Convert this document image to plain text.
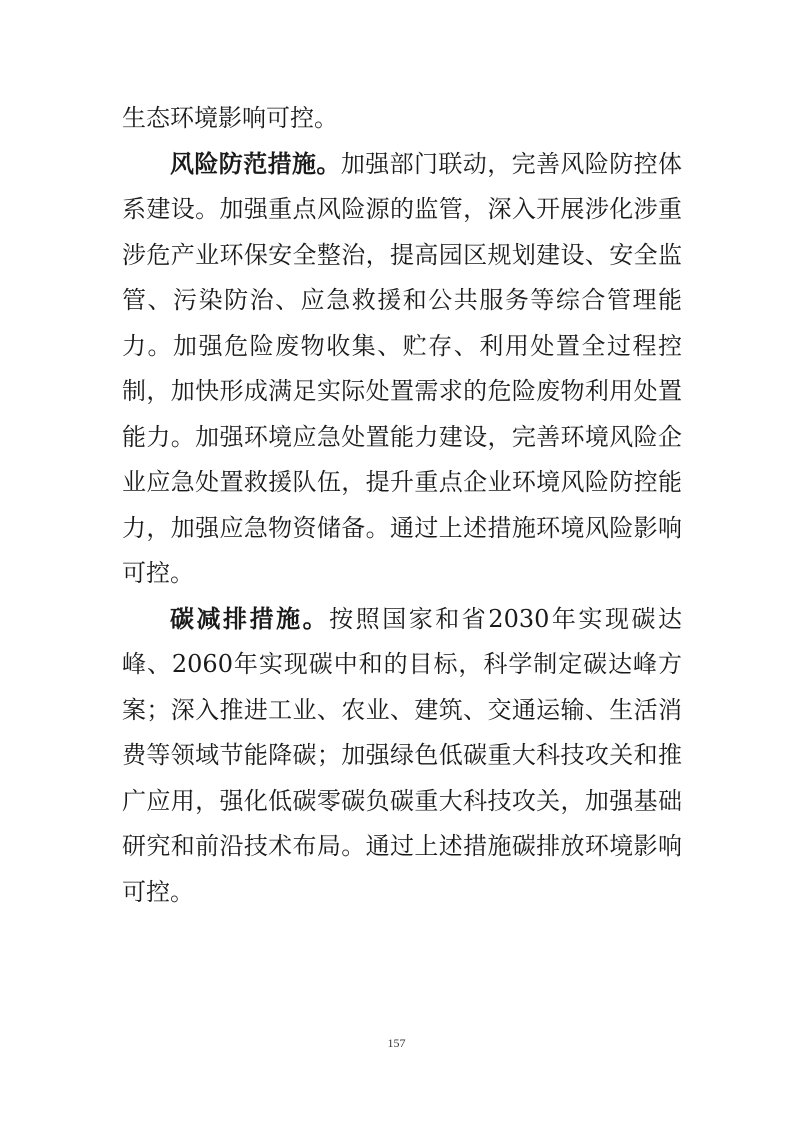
生态环境影响可控。

风险防范措施。加强部门联动，完善风险防控体系建设。加强重点风险源的监管，深入开展涉化涉重涉危产业环保安全整治，提高园区规划建设、安全监管、污染防治、应急救援和公共服务等综合管理能力。加强危险废物收集、贮存、利用处置全过程控制，加快形成满足实际处置需求的危险废物利用处置能力。加强环境应急处置能力建设，完善环境风险企业应急处置救援队伍，提升重点企业环境风险防控能力，加强应急物资储备。通过上述措施环境风险影响可控。

碳减排措施。按照国家和省2030年实现碳达峰、2060年实现碳中和的目标，科学制定碳达峰方案；深入推进工业、农业、建筑、交通运输、生活消费等领域节能降碳；加强绿色低碳重大科技攻关和推广应用，强化低碳零碳负碳重大科技攻关，加强基础研究和前沿技术布局。通过上述措施碳排放环境影响可控。

157
